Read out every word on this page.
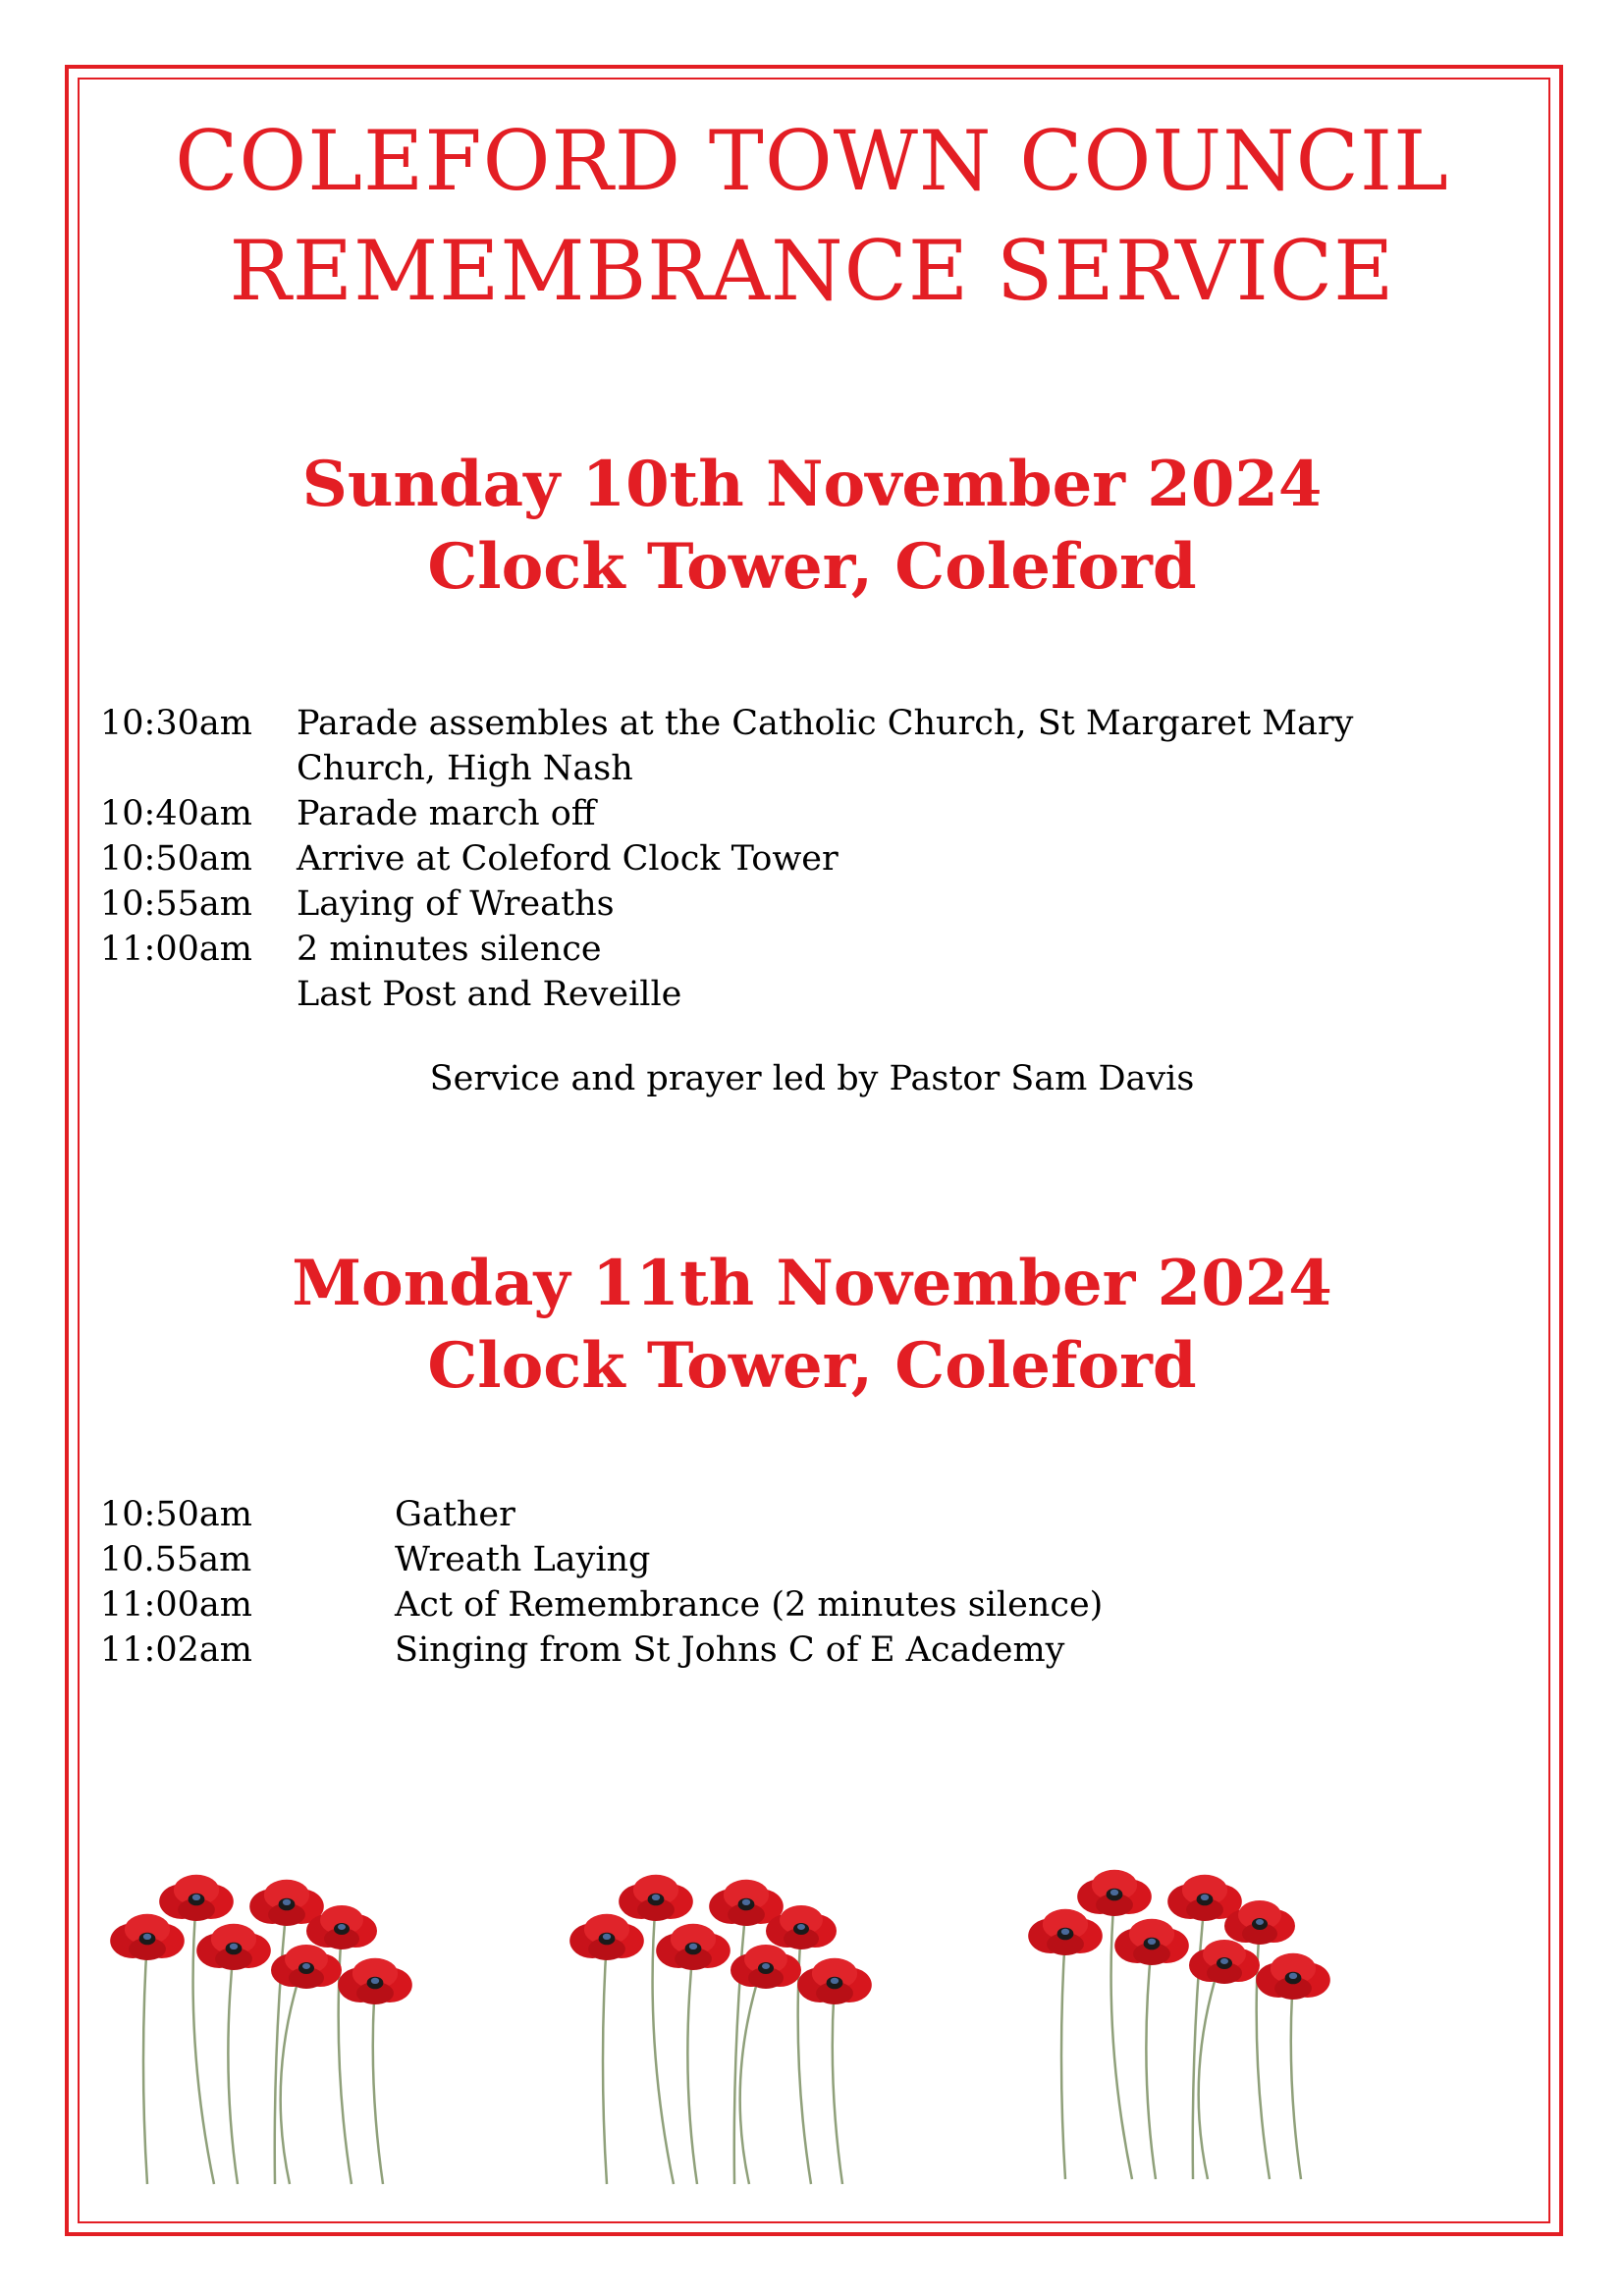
COLEFORD TOWN COUNCIL
REMEMBRANCE SERVICE
Sunday 10th November 2024
Clock Tower, Coleford
10:30am	Parade assembles at the Catholic Church, St Margaret Mary Church, High Nash
10:40am	Parade march off
10:50am	Arrive at Coleford Clock Tower
10:55am	Laying of Wreaths
11:00am	2 minutes silence
Last Post and Reveille
Service and prayer led by Pastor Sam Davis
Monday 11th November 2024
Clock Tower, Coleford
10:50am	Gather
10.55am	Wreath Laying
11:00am	Act of Remembrance (2 minutes silence)
11:02am	Singing from St Johns C of E Academy
